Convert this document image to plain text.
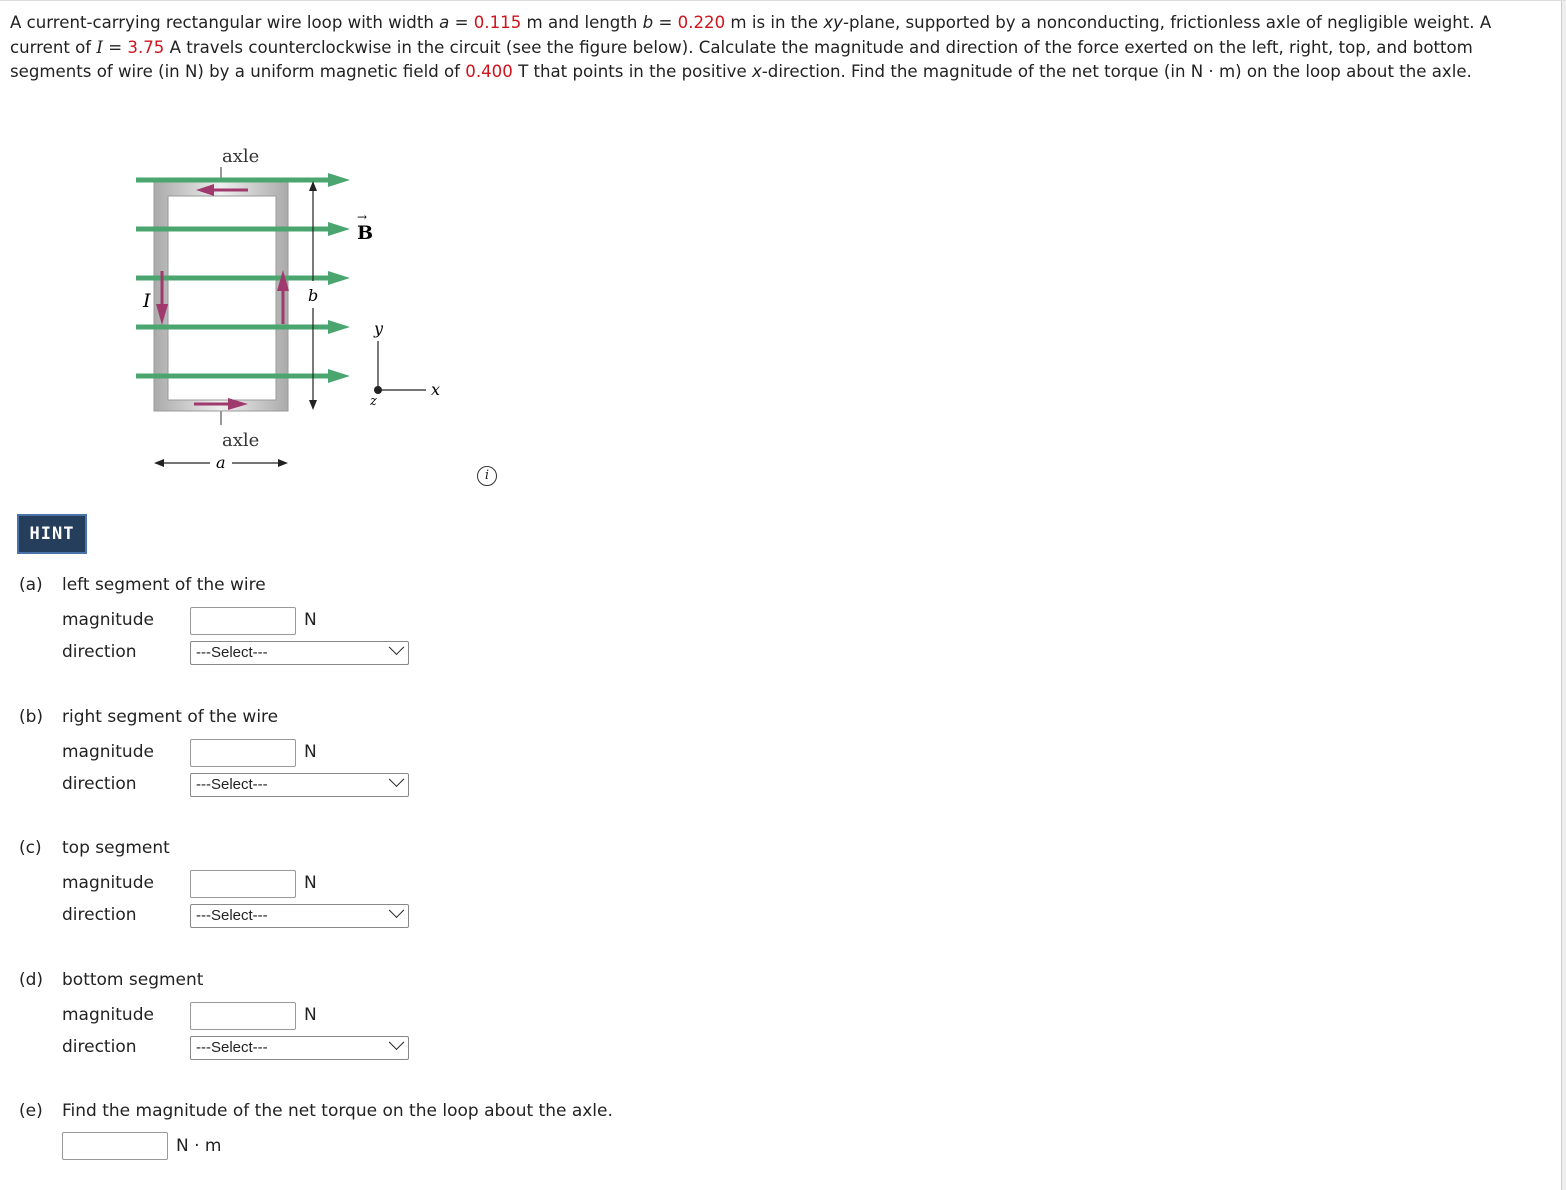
A current-carrying rectangular wire loop with width a = 0.115 m and length b = 0.220 m is in the xy-plane, supported by a nonconducting, frictionless axle of negligible weight. A current of I = 3.75 A travels counterclockwise in the circuit (see the figure below). Calculate the magnitude and direction of the force exerted on the left, right, top, and bottom segments of wire (in N) by a uniform magnetic field of 0.400 T that points in the positive x-direction. Find the magnitude of the net torque (in N · m) on the loop about the axle.
axle
axle
b
B
→
I
y
x
z
a
i
HINT
(a) left segment of the wire
magnitude	N
direction	---Select---
(b) right segment of the wire
magnitude	N
direction	---Select---
(c) top segment
magnitude	N
direction	---Select---
(d) bottom segment
magnitude	N
direction	---Select---
(e) Find the magnitude of the net torque on the loop about the axle.
N · m
